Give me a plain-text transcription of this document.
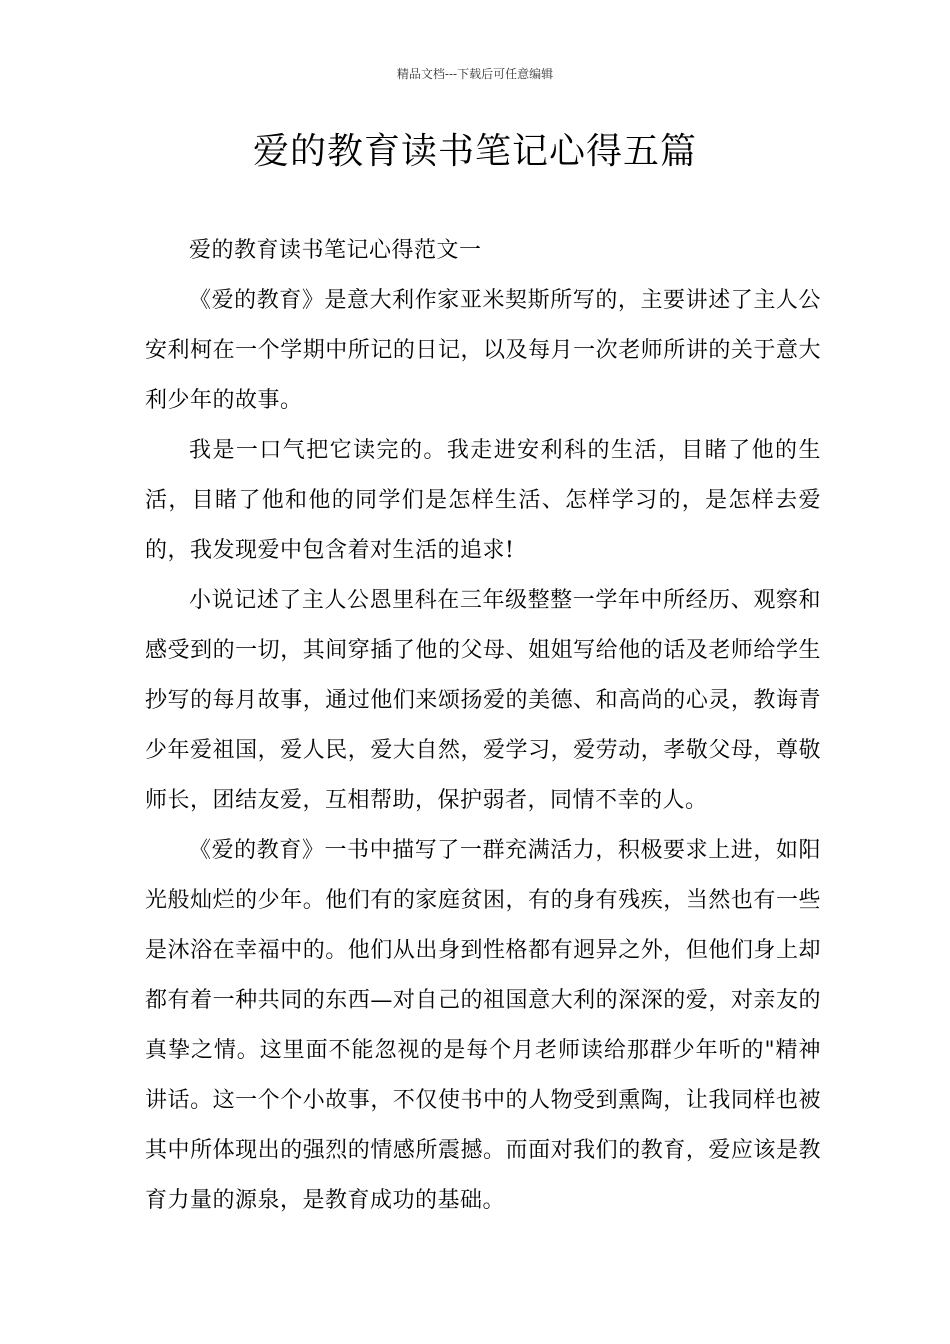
精品文档---下载后可任意编辑
爱的教育读书笔记心得五篇

爱的教育读书笔记心得范文一

《爱的教育》是意大利作家亚米契斯所写的，主要讲述了主人公安利柯在一个学期中所记的日记，以及每月一次老师所讲的关于意大利少年的故事。

我是一口气把它读完的。我走进安利科的生活，目睹了他的生活，目睹了他和他的同学们是怎样生活、怎样学习的，是怎样去爱的，我发现爱中包含着对生活的追求!

小说记述了主人公恩里科在三年级整整一学年中所经历、观察和感受到的一切，其间穿插了他的父母、姐姐写给他的话及老师给学生抄写的每月故事，通过他们来颂扬爱的美德、和高尚的心灵，教诲青少年爱祖国，爱人民，爱大自然，爱学习，爱劳动，孝敬父母，尊敬师长，团结友爱，互相帮助，保护弱者，同情不幸的人。

《爱的教育》一书中描写了一群充满活力，积极要求上进，如阳光般灿烂的少年。他们有的家庭贫困，有的身有残疾，当然也有一些是沐浴在幸福中的。他们从出身到性格都有迥异之外，但他们身上却都有着一种共同的东西—对自己的祖国意大利的深深的爱，对亲友的真挚之情。这里面不能忽视的是每个月老师读给那群少年听的"精神讲话。这一个个小故事，不仅使书中的人物受到熏陶，让我同样也被其中所体现出的强烈的情感所震撼。而面对我们的教育，爱应该是教育力量的源泉，是教育成功的基础。
